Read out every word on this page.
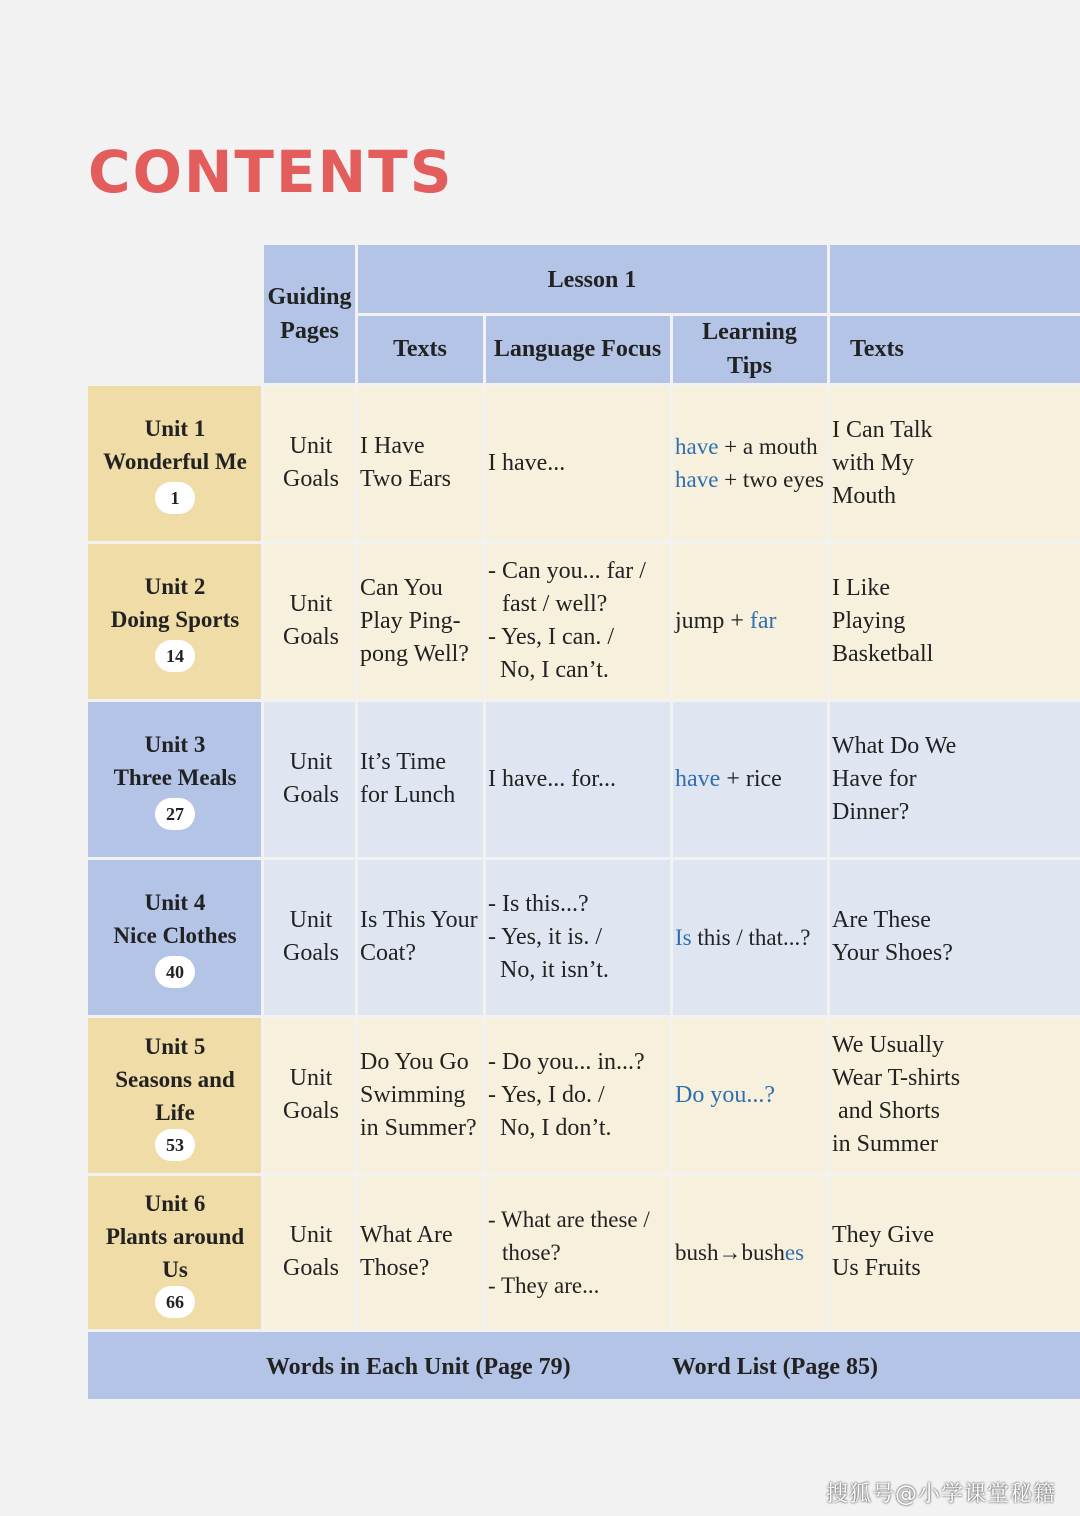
CONTENTS
Guiding Pages
Lesson 1
Texts Language Focus
Learning Tips
Texts
Unit 1
Wonderful Me
1
Unit Goals
I Have Two Ears
I have...
have + a mouth
have + two eyes
I Can Talk with My Mouth
Unit 2
Doing Sports
14
Unit Goals
Can You Play Ping-pong Well?
- Can you... far /
fast / well?
- Yes, I can. /
No, I can’t.
jump + far
I Like Playing Basketball
Unit 3
Three Meals
27
Unit Goals
It’s Time for Lunch
I have... for... have + rice
What Do We Have for Dinner?
Unit 4
Nice Clothes
40
Unit Goals
Is This Your Coat?
- Is this...?
- Yes, it is. /
No, it isn’t.
Is this / that...?
Are These Your Shoes?
Unit 5
Seasons and Life
53
Unit Goals
Do You Go Swimming in Summer?
- Do you... in...?
- Yes, I do. /
No, I don’t.
Do you...?
We Usually
Wear T-shirts
and Shorts
in Summer
Unit 6
Plants around Us
66
Unit Goals
What Are Those?
- What are these /
those?
- They are...
bush→bushes
They Give Us Fruits
Words in Each Unit (Page 79)	Word List (Page 85)
搜狐号@小学课堂秘籍
